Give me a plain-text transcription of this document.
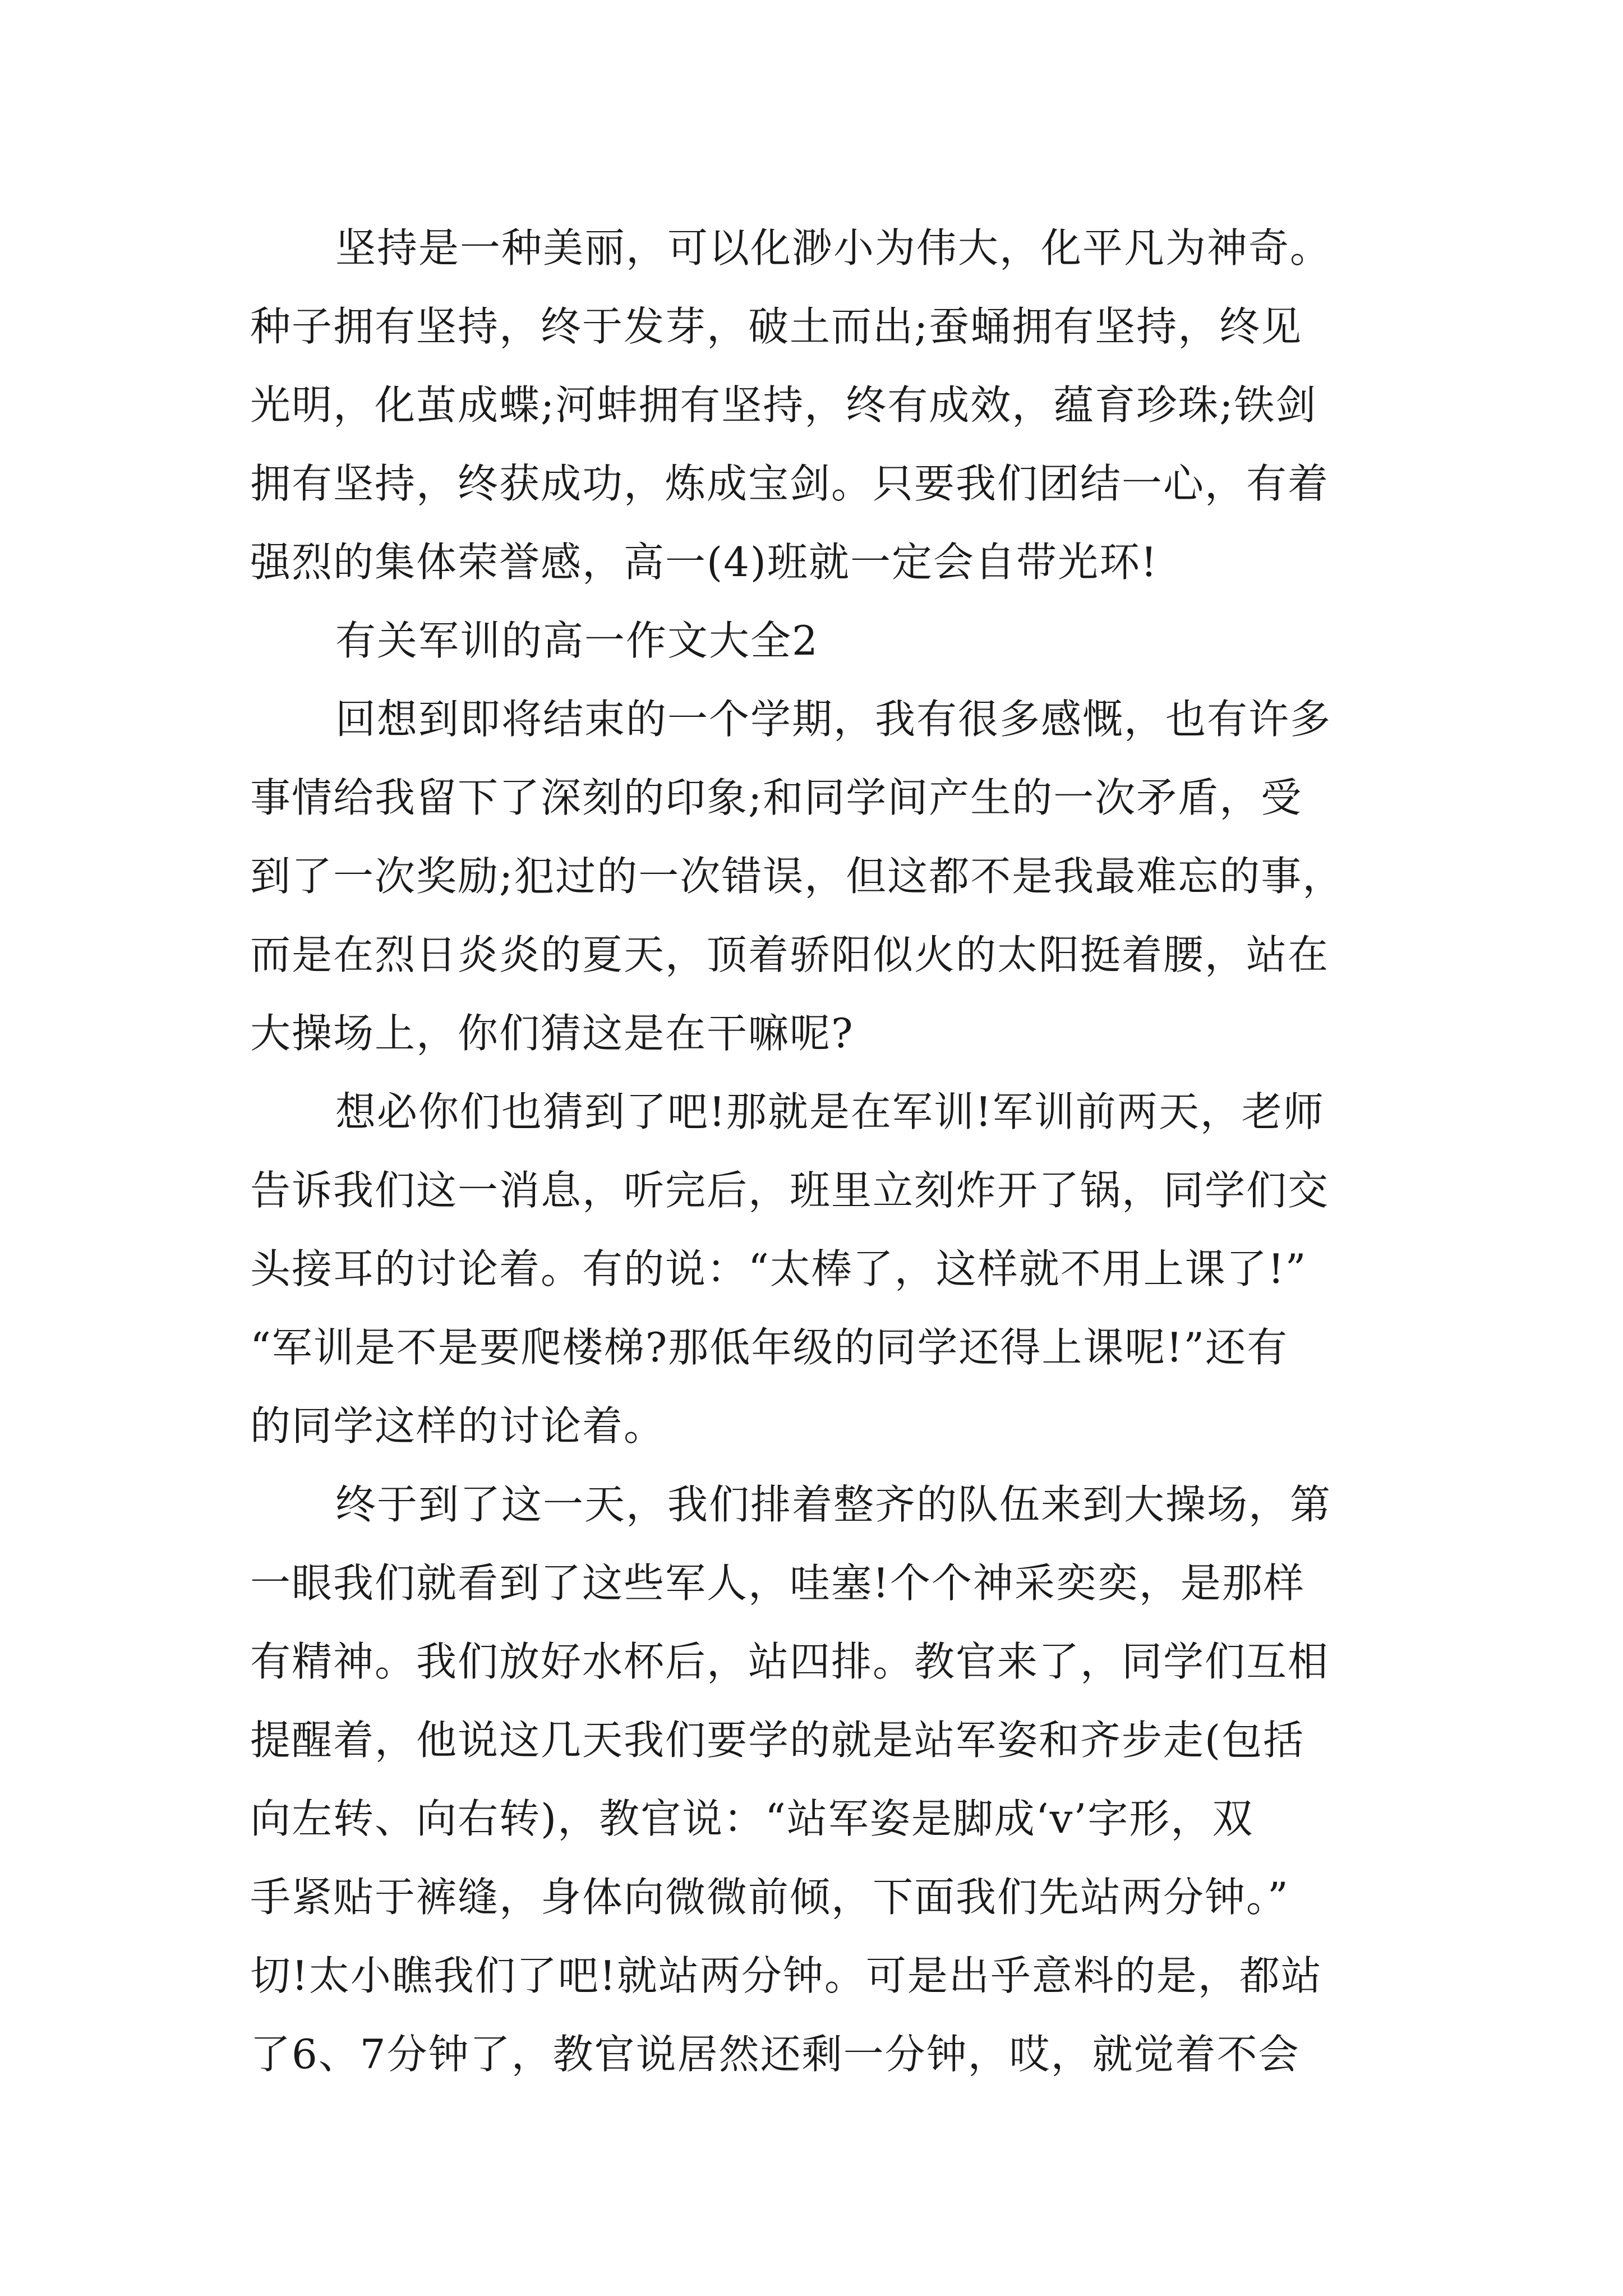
坚持是一种美丽，可以化渺小为伟大，化平凡为神奇。
种子拥有坚持，终于发芽，破土而出;蚕蛹拥有坚持，终见
光明，化茧成蝶;河蚌拥有坚持，终有成效，蕴育珍珠;铁剑
拥有坚持，终获成功，炼成宝剑。只要我们团结一心，有着
强烈的集体荣誉感，高一(4)班就一定会自带光环!
有关军训的高一作文大全2
回想到即将结束的一个学期，我有很多感慨，也有许多
事情给我留下了深刻的印象;和同学间产生的一次矛盾，受
到了一次奖励;犯过的一次错误，但这都不是我最难忘的事，
而是在烈日炎炎的夏天，顶着骄阳似火的太阳挺着腰，站在
大操场上，你们猜这是在干嘛呢?
想必你们也猜到了吧!那就是在军训!军训前两天，老师
告诉我们这一消息，听完后，班里立刻炸开了锅，同学们交
头接耳的讨论着。有的说：“太棒了，这样就不用上课了!”
“军训是不是要爬楼梯?那低年级的同学还得上课呢!”还有
的同学这样的讨论着。
终于到了这一天，我们排着整齐的队伍来到大操场，第
一眼我们就看到了这些军人，哇塞!个个神采奕奕，是那样
有精神。我们放好水杯后，站四排。教官来了，同学们互相
提醒着，他说这几天我们要学的就是站军姿和齐步走(包括
向左转、向右转)，教官说：“站军姿是脚成‘v’字形，双
手紧贴于裤缝，身体向微微前倾，下面我们先站两分钟。”
切!太小瞧我们了吧!就站两分钟。可是出乎意料的是，都站
了6、7分钟了，教官说居然还剩一分钟，哎，就觉着不会
